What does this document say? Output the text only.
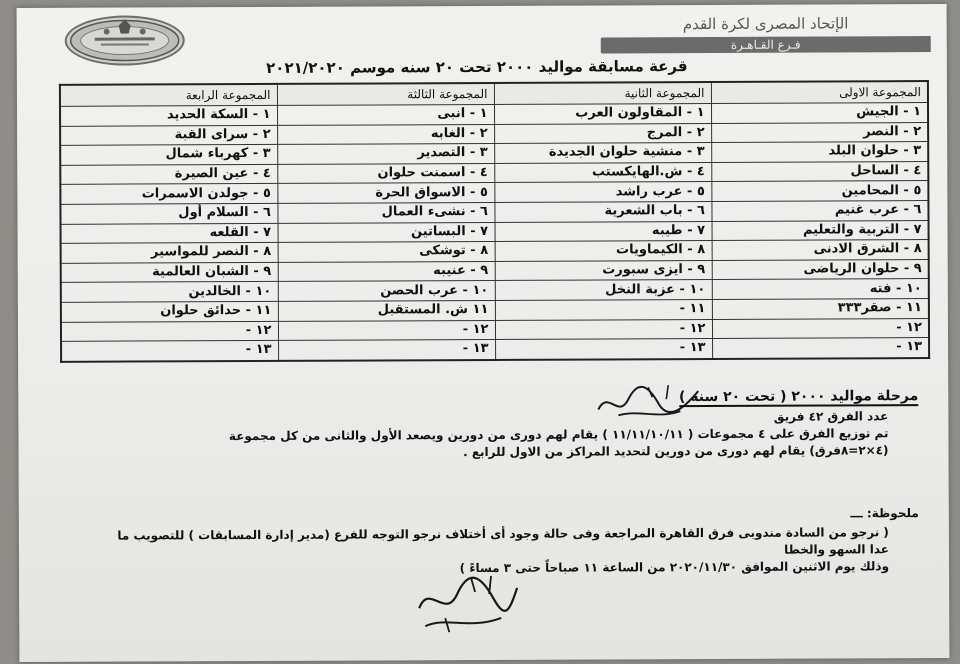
الإتحاد المصرى لكرة القدم
فـرع القـاهـرة
قرعة مسابقة مواليد ٢٠٠٠ تحت ٢٠ سنه موسم ٢٠٢١/٢٠٢٠
المجموعة الاولى	المجموعة الثانية	المجموعة الثالثة	المجموعة الرابعة
١ - الجيش	١ - المقاولون العرب	١ - انبى	١ - السكة الحديد
٢ - النصر	٢ - المرج	٢ - الغابه	٢ - سراى القبة
٣ - حلوان البلد	٣ - منشية حلوان الجديدة	٣ - التصدير	٣ - كهرباء شمال
٤ - الساحل	٤ - ش.الهايكستب	٤ - اسمنت حلوان	٤ - عين الصيرة
٥ - المحامين	٥ - عرب راشد	٥ - الاسواق الحرة	٥ - جولدن الاسمرات
٦ - عرب غنيم	٦ - باب الشعرية	٦ - نشىء العمال	٦ - السلام أول
٧ - التربية والتعليم	٧ - طيبه	٧ - البساتين	٧ - القلعه
٨ - الشرق الادنى	٨ - الكيماويات	٨ - توشكى	٨ - النصر للمواسير
٩ - حلوان الرياضى	٩ - ايزى سبورت	٩ - عنيبه	٩ - الشبان العالمية
١٠ - فته	١٠ - عزبة النخل	١٠ - عرب الحصن	١٠ - الخالدين
١١ - صقر٣٣٣	١١ -	١١ ش. المستقبل	١١ - حدائق حلوان
١٢ -	١٢ -	١٢ -	١٢ -
١٣ -	١٣ -	١٣ -	١٣ -
مرحلة مواليد ٢٠٠٠ ( تحت ٢٠ سنه )
عدد الفرق ٤٢ فريق
تم توزيع الفرق على ٤ مجموعات ( ١١/١١/١٠/١١ ) يقام لهم دورى من دورين ويصعد الأول والثانى من كل مجموعة (٤×٢=٨فرق) يقام لهم دورى من دورين لتحديد المراكز من الاول للرابع .
ملحوظة: ـــ
( نرجو من السادة مندوبى فرق القاهرة المراجعة وفى حالة وجود أى أختلاف نرجو التوجه للفرع (مدير إدارة المسابقات ) للتصويب ما عدا السهو والخطا
وذلك يوم الاثنين الموافق ٢٠٢٠/١١/٣٠ من الساعة ١١ صباحاً حتى ٣ مساءً )
